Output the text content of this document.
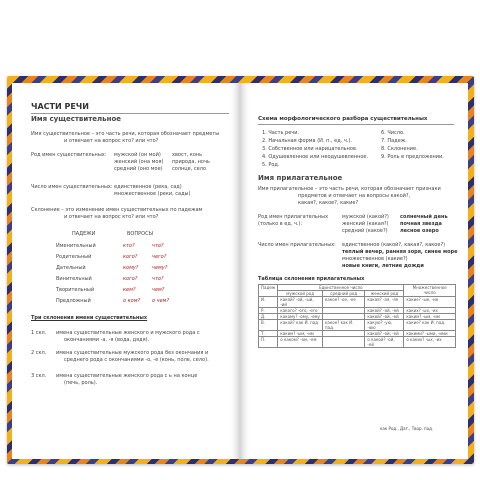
ЧАСТИ РЕЧИ
Имя существительное
Имя существительное – это часть речи, которая обозначает предметы
и отвечает на вопрос кто? или что?
Род имен существительных: мужской (он мой) хвост, конь
женский (она моя) природа, ночь
средний (оно мое) солнце, село
Число имен существительных: единственное (река, сад)
множественное (реки, сады)
Склонение – это изменение имен существительных по падежам
и отвечает на вопрос кто? или что?
ПАДЕЖИ	ВОПРОСЫ
Именительный	кто?	что?
Родительный	кого?	чего?
Дательный	кому?	чему?
Винительный	кого?	что?
Творительный	кем?	чем?
Предложный	о ком? о чем?
Три склонения имени существительных
1 скл. имена существительные женского и мужского рода с
окончаниями -а, -я (вода, дядя).
2 скл. имена существительные мужского рода без окончания и
среднего рода с окончаниями -о, -е (конь, поле, село).
3 скл. имена существительные женского рода с ь на конце
(печь, роль).
Схема морфологического разбора существительных
1. Часть речи.
2. Начальная форма (И. п., ед. ч.).
3. Собственное или нарицательное.
4. Одушевленное или неодушевленное.
5. Род.
6. Число.
7. Падеж.
8. Склонение.
9. Роль в предложении.
Имя прилагательное
Имя прилагательное – это часть речи, которая обозначает признаки
предметов и отвечает на вопросы какой?,
какая?, какое?, какие?
Род имен прилагательных
(только в ед. ч.):
мужской (какой?) солнечный день
женский (какая?) почная звезда
средний (какое?) лесное озеро
Число имен прилагательных: единственное (какой?, какая?, какое?)
теплый вечер, ранняя зоря, синее море
множественное (какие?)
новые книги, летние дожди
Таблица склонения прилагательных
Падеж	Единственное число			Множественное число
	мужской род	средний род	женский род	
И.	какой? -ой, -ый, -ий	какое? -ое, -ее	какая? -ая, -яя	какие? -ые, -ие
Р.	какого? -ого, -его		какой? -ой, -ей	каких? -ых, -их
Д.	какому? -ому, -ему		какой? -ой, -ей	каким? -ым, -им
В.	какой? как И. пад.	какое? как И. пад.	какую? -ую, -юю	какие? как И. пад.
Т.	каким? -ым, -им		какой? -ой, -ей	какими? -ыми, -ими
П.	о каком? -ом, -ем		о какой? -ой, -ей	о каких? -ых, -их
как Род., Дат., Твор. пад.
